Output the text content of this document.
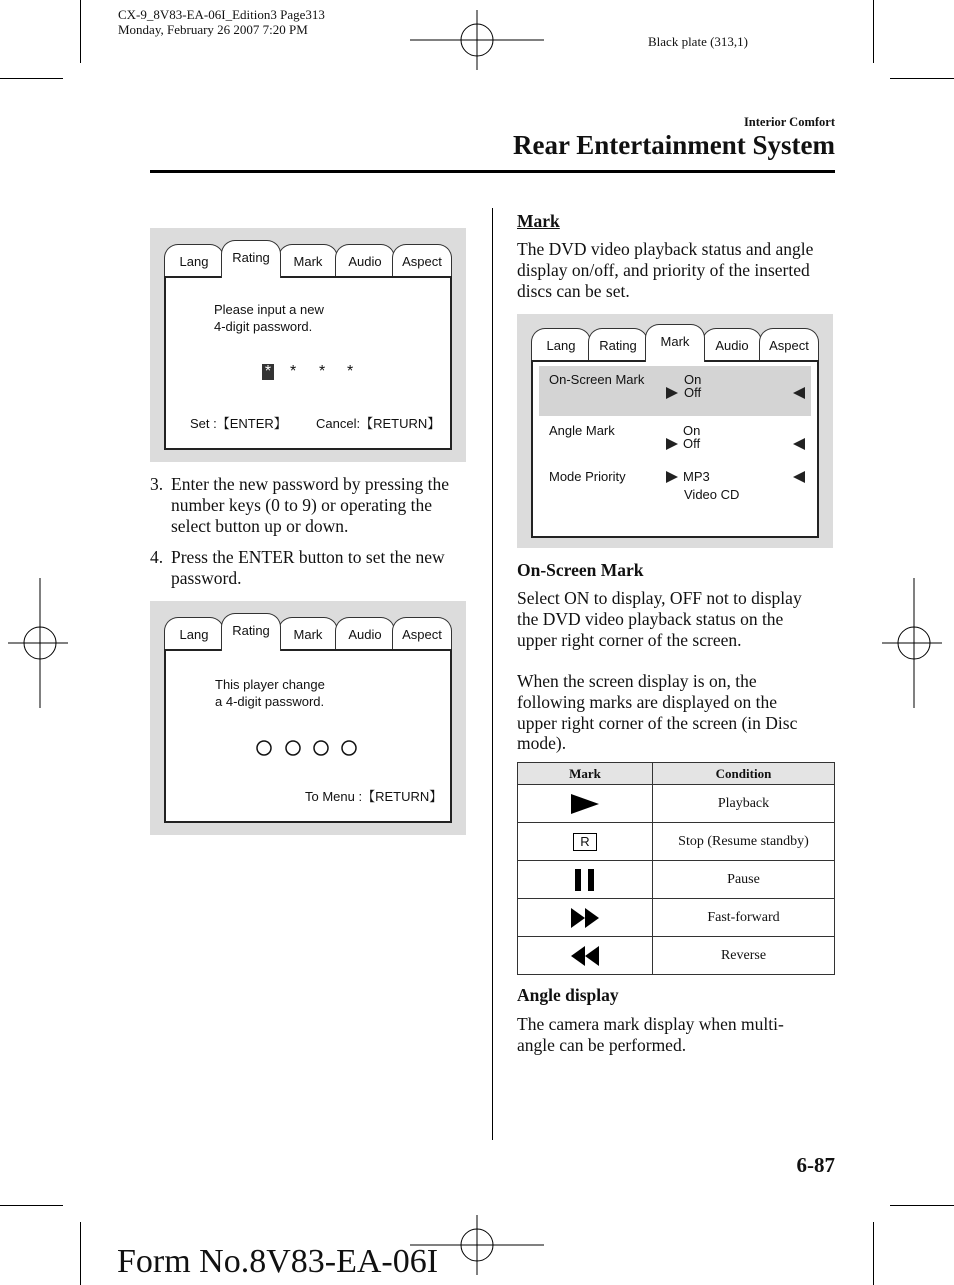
CX-9_8V83-EA-06I_Edition3 Page313
Monday, February 26 2007 7:20 PM
Black plate (313,1)
Interior Comfort
Rear Entertainment System
Lang	Rating	Mark	Audio	Aspect
Please input a new
4-digit password.
* * * *
Set :【ENTER】 Cancel:【RETURN】
3. Enter the new password by pressing the
number keys (0 to 9) or operating the
select button up or down.
4. Press the ENTER button to set the new
password.
Lang	Rating	Mark	Audio	Aspect
This player change
a 4-digit password.
To Menu :【RETURN】
Mark
The DVD video playback status and angle
display on/off, and priority of the inserted
discs can be set.
Lang	Rating	Mark	Audio	Aspect
On-Screen Mark	On
Off
Angle Mark	On
Off
Mode Priority	MP3
Video CD
On-Screen Mark
Select ON to display, OFF not to display
the DVD video playback status on the
upper right corner of the screen.
When the screen display is on, the
following marks are displayed on the
upper right corner of the screen (in Disc
mode).
Mark	Condition

	Playback
R	Stop (Resume standby)

	Pause

	Fast-forward

	Reverse
Angle display
The camera mark display when multi-
angle can be performed.
6-87
Form No.8V83-EA-06I
